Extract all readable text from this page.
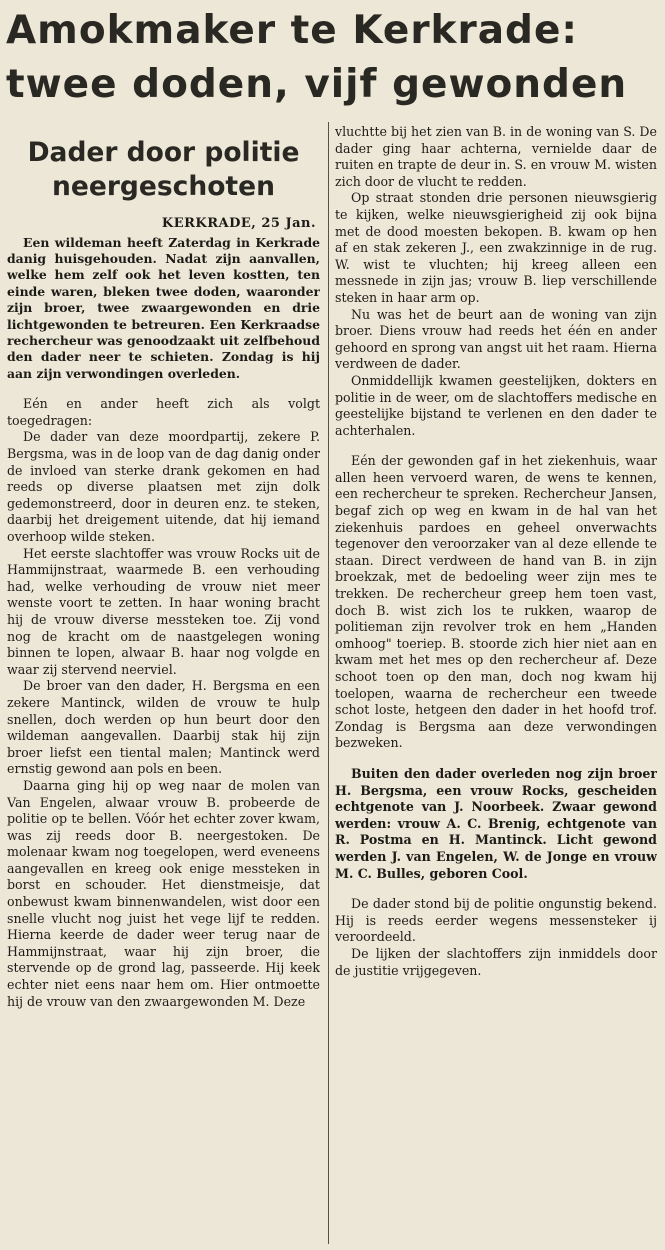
Amokmaker te Kerkrade:
twee doden, vijf gewonden
Dader door politie
neergeschoten
KERKRADE, 25 Jan.

Een wildeman heeft Zaterdag in Kerkrade danig huisgehouden. Nadat zijn aanvallen, welke hem zelf ook het leven kostten, ten einde waren, bleken twee doden, waaronder zijn broer, twee zwaargewonden en drie lichtgewonden te betreuren. Een Kerkraadse rechercheur was genoodzaakt uit zelfbehoud den dader neer te schieten. Zondag is hij aan zijn verwondingen overleden.

Eén en ander heeft zich als volgt toegedragen:

De dader van deze moordpartij, zekere P. Bergsma, was in de loop van de dag danig onder de invloed van sterke drank gekomen en had reeds op diverse plaatsen met zijn dolk gedemonstreerd, door in deuren enz. te steken, daarbij het dreigement uitende, dat hij iemand overhoop wilde steken.

Het eerste slachtoffer was vrouw Rocks uit de Hammijnstraat, waarmede B. een verhouding had, welke verhouding de vrouw niet meer wenste voort te zetten. In haar woning bracht hij de vrouw diverse messteken toe. Zij vond nog de kracht om de naastgelegen woning binnen te lopen, alwaar B. haar nog volgde en waar zij stervend neerviel.

De broer van den dader, H. Bergsma en een zekere Mantinck, wilden de vrouw te hulp snellen, doch werden op hun beurt door den wildeman aangevallen. Daarbij stak hij zijn broer liefst een tiental malen; Mantinck werd ernstig gewond aan pols en been.

Daarna ging hij op weg naar de molen van Van Engelen, alwaar vrouw B. probeerde de politie op te bellen. Vóór het echter zover kwam, was zij reeds door B. neergestoken. De molenaar kwam nog toegelopen, werd eveneens aangevallen en kreeg ook enige messteken in borst en schouder. Het dienstmeisje, dat onbewust kwam binnenwandelen, wist door een snelle vlucht nog juist het vege lijf te redden. Hierna keerde de dader weer terug naar de Hammijnstraat, waar hij zijn broer, die stervende op de grond lag, passeerde. Hij keek echter niet eens naar hem om. Hier ontmoette hij de vrouw van den zwaargewonden M. Deze

vluchtte bij het zien van B. in de woning van S. De dader ging haar achterna, vernielde daar de ruiten en trapte de deur in. S. en vrouw M. wisten zich door de vlucht te redden.

Op straat stonden drie personen nieuwsgierig te kijken, welke nieuwsgierigheid zij ook bijna met de dood moesten bekopen. B. kwam op hen af en stak zekeren J., een zwakzinnige in de rug. W. wist te vluchten; hij kreeg alleen een messnede in zijn jas; vrouw B. liep verschillende steken in haar arm op.

Nu was het de beurt aan de woning van zijn broer. Diens vrouw had reeds het één en ander gehoord en sprong van angst uit het raam. Hierna verdween de dader.

Onmiddellijk kwamen geestelijken, dokters en politie in de weer, om de slachtoffers medische en geestelijke bijstand te verlenen en den dader te achterhalen.

Eén der gewonden gaf in het ziekenhuis, waar allen heen vervoerd waren, de wens te kennen, een rechercheur te spreken. Rechercheur Jansen, begaf zich op weg en kwam in de hal van het ziekenhuis pardoes en geheel onverwachts tegenover den veroorzaker van al deze ellende te staan. Direct verdween de hand van B. in zijn broekzak, met de bedoeling weer zijn mes te trekken. De rechercheur greep hem toen vast, doch B. wist zich los te rukken, waarop de politieman zijn revolver trok en hem „Handen omhoog" toeriep. B. stoorde zich hier niet aan en kwam met het mes op den rechercheur af. Deze schoot toen op den man, doch nog kwam hij toelopen, waarna de rechercheur een tweede schot loste, hetgeen den dader in het hoofd trof. Zondag is Bergsma aan deze verwondingen bezweken.

Buiten den dader overleden nog zijn broer H. Bergsma, een vrouw Rocks, gescheiden echtgenote van J. Noorbeek. Zwaar gewond werden: vrouw A. C. Brenig, echtgenote van R. Postma en H. Mantinck. Licht gewond werden J. van Engelen, W. de Jonge en vrouw M. C. Bulles, geboren Cool.

De dader stond bij de politie ongunstig bekend. Hij is reeds eerder wegens messensteker ij veroordeeld.

De lijken der slachtoffers zijn inmiddels door de justitie vrijgegeven.
